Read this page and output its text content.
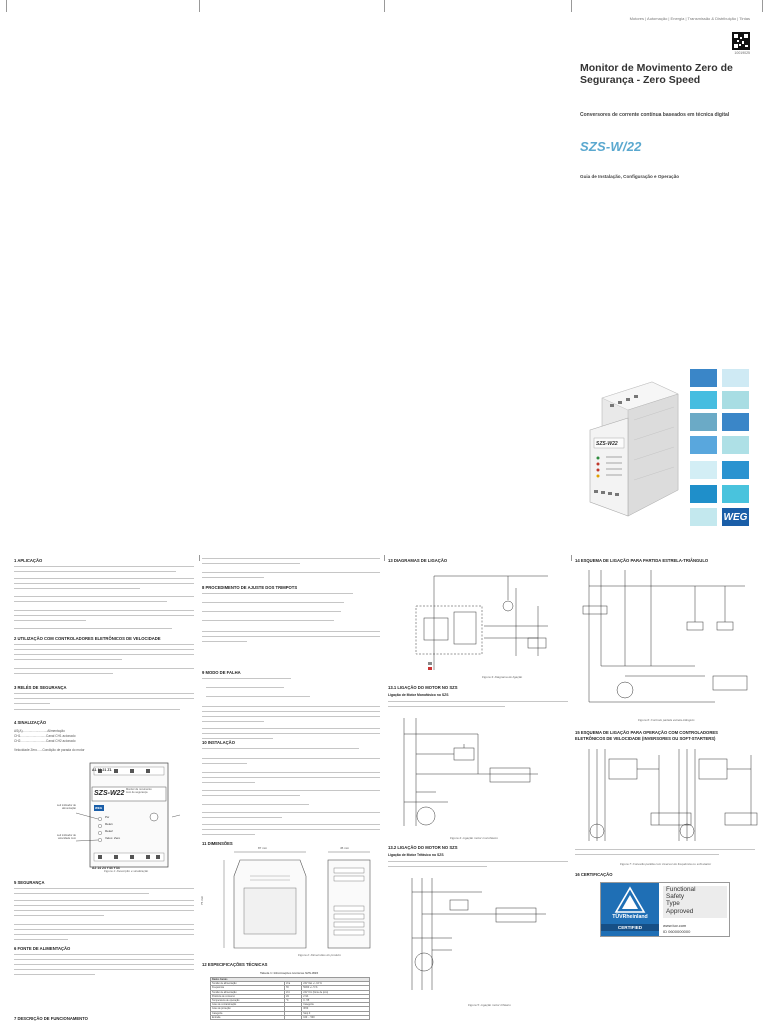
Motores | Automação | Energia | Transmissão & Distribuição | Tintas
10019025
Monitor de Movimento Zero de
Segurança - Zero Speed
Conversores de corrente contínua baseados em técnica digital
SZS-W/22
Guia de Instalação, Configuração e Operação
SZS-W22
WEG
1 APLICAÇÃO
2 UTILIZAÇÃO COM CONTROLADORES ELETRÔNICOS DE VELOCIDADE
3 RELÉS DE SEGURANÇA
4 SINALIZAÇÃO
AS(A)............................Alimentação
CH1.............................Canal CH1 acionado
CH2.............................Canal CH2 acionado
Velocidade Zero......Condição de parada do motor
A1 11 21 Z1
SZS-W22
Monitor de movimento zero de segurança
WEG
Pw
Rele1
Rele2
Veloc. Zero
A2 14 24 Y44 Y34
Led indicador de alimentação
Led indicador de velocidade zero
Figura 1: Descrição e sinalização
5 SEGURANÇA
6 FONTE DE ALIMENTAÇÃO
7 DESCRIÇÃO DE FUNCIONAMENTO
8 PROCEDIMENTO DE AJUSTE DOS TRIMPOTS
9 MODO DE FALHA
10 INSTALAÇÃO
11 DIMENSÕES
87 mm	45 mm
75 mm
Figura 2: Dimensões do produto
12 ESPECIFICAÇÕES TÉCNICAS
Tabela 1: Informações técnicas SZS-W22
Dados Gerais		
Tensão de alimentação	Vca	24V Vac +/- 10 %
Frequência	Hz	50/60 +/- 5 %
Tensão de alimentação	Vcc	24V Vcc (fonte de pico)
Potência de consumo	VA	2 VA
Temperatura de operação	°C	0...55
Grau de contaminação		Categoria
Grau de proteção		IP20
Categoria		Stop 0
Entrada		100 ... 500
13 DIAGRAMAS DE LIGAÇÃO
Figura 3: Diagrama de ligação
13.1 LIGAÇÃO DO MOTOR NO SZS
Ligação de Motor Monofásico no SZS
Figura 4: Ligação motor monofásico
13.2 LIGAÇÃO DO MOTOR NO SZS
Ligação de Motor Trifásico no SZS
Figura 5: Ligação motor trifásico
14 ESQUEMA DE LIGAÇÃO PARA PARTIDA ESTRELA-TRIÂNGULO
Figura 6: Controle partida estrela-triângulo
15 ESQUEMA DE LIGAÇÃO PARA OPERAÇÃO COM CONTROLADORES
ELETRÔNICOS DE VELOCIDADE (INVERSORES OU SOFT-STARTERS)
Figura 7: Conexão partida com inversor de frequência ou soft-starter
16 CERTIFICAÇÃO
TÜVRheinland
CERTIFIED
Functional
Safety
Type
Approved
www.tuv.com
ID 0600000000
